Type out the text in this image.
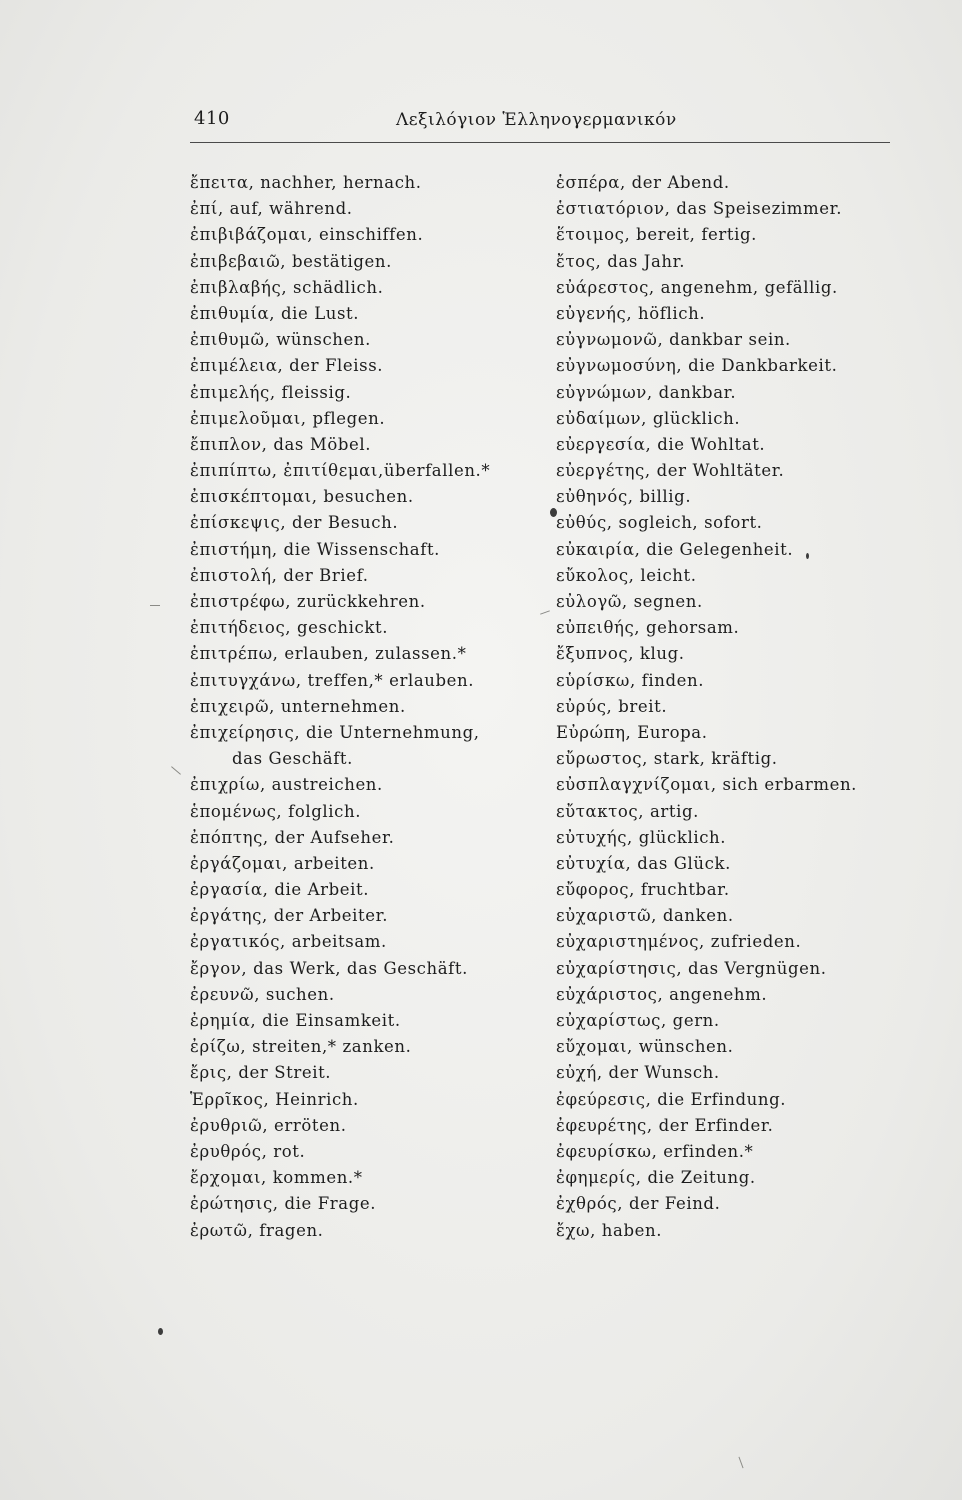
410	Λεξιλόγιον Ἑλληνογερμανικόν
ἔπειτα, nachher, hernach.
ἐπί, auf, während.
ἐπιβιβάζομαι, einschiffen.
ἐπιβεβαιῶ, bestätigen.
ἐπιβλαβής, schädlich.
ἐπιθυμία, die Lust.
ἐπιθυμῶ, wünschen.
ἐπιμέλεια, der Fleiss.
ἐπιμελής, fleissig.
ἐπιμελοῦμαι, pflegen.
ἔπιπλον, das Möbel.
ἐπιπίπτω, ἐπιτίθεμαι,überfallen.*
ἐπισκέπτομαι, besuchen.
ἐπίσκεψις, der Besuch.
ἐπιστήμη, die Wissenschaft.
ἐπιστολή, der Brief.
ἐπιστρέφω, zurückkehren.
ἐπιτήδειος, geschickt.
ἐπιτρέπω, erlauben, zulassen.*
ἐπιτυγχάνω, treffen,* erlauben.
ἐπιχειρῶ, unternehmen.
ἐπιχείρησις, die Unternehmung,
das Geschäft.
ἐπιχρίω, austreichen.
ἑπομένως, folglich.
ἐπόπτης, der Aufseher.
ἐργάζομαι, arbeiten.
ἐργασία, die Arbeit.
ἐργάτης, der Arbeiter.
ἐργατικός, arbeitsam.
ἔργον, das Werk, das Geschäft.
ἐρευνῶ, suchen.
ἐρημία, die Einsamkeit.
ἐρίζω, streiten,* zanken.
ἔρις, der Streit.
Ἑρρῖκος, Heinrich.
ἐρυθριῶ, erröten.
ἐρυθρός, rot.
ἔρχομαι, kommen.*
ἐρώτησις, die Frage.
ἐρωτῶ, fragen.
ἑσπέρα, der Abend.
ἑστιατόριον, das Speisezimmer.
ἕτοιμος, bereit, fertig.
ἔτος, das Jahr.
εὐάρεστος, angenehm, gefällig.
εὐγενής, höflich.
εὐγνωμονῶ, dankbar sein.
εὐγνωμοσύνη, die Dankbarkeit.
εὐγνώμων, dankbar.
εὐδαίμων, glücklich.
εὐεργεσία, die Wohltat.
εὐεργέτης, der Wohltäter.
εὐθηνός, billig.
εὐθύς, sogleich, sofort.
εὐκαιρία, die Gelegenheit.
εὔκολος, leicht.
εὐλογῶ, segnen.
εὐπειθής, gehorsam.
ἔξυπνος, klug.
εὑρίσκω, finden.
εὐρύς, breit.
Εὐρώπη, Europa.
εὔρωστος, stark, kräftig.
εὐσπλαγχνίζομαι, sich erbarmen.
εὔτακτος, artig.
εὐτυχής, glücklich.
εὐτυχία, das Glück.
εὔφορος, fruchtbar.
εὐχαριστῶ, danken.
εὐχαριστημένος, zufrieden.
εὐχαρίστησις, das Vergnügen.
εὐχάριστος, angenehm.
εὐχαρίστως, gern.
εὔχομαι, wünschen.
εὐχή, der Wunsch.
ἐφεύρεσις, die Erfindung.
ἐφευρέτης, der Erfinder.
ἐφευρίσκω, erfinden.*
ἐφημερίς, die Zeitung.
ἐχθρός, der Feind.
ἔχω, haben.
